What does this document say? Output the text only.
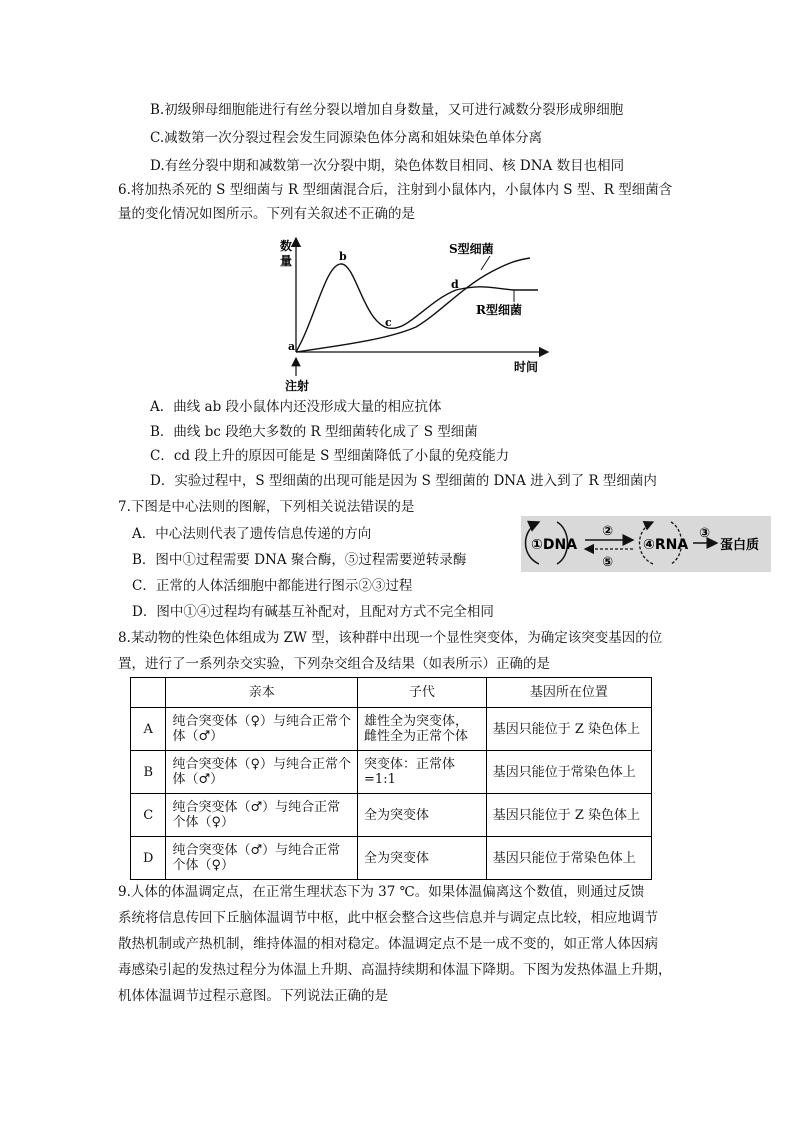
B.初级卵母细胞能进行有丝分裂以增加自身数量，又可进行减数分裂形成卵细胞
C.减数第一次分裂过程会发生同源染色体分离和姐妹染色单体分离
D.有丝分裂中期和减数第一次分裂中期，染色体数目相同、核 DNA 数目也相同
6.将加热杀死的 S 型细菌与 R 型细菌混合后，注射到小鼠体内，小鼠体内 S 型、R 型细菌含
量的变化情况如图所示。下列有关叙述不正确的是
数量
时间
注射
S型细菌
R型细菌
a
b
c
d
A．曲线 ab 段小鼠体内还没形成大量的相应抗体
B．曲线 bc 段绝大多数的 R 型细菌转化成了 S 型细菌
C．cd 段上升的原因可能是 S 型细菌降低了小鼠的免疫能力
D．实验过程中，S 型细菌的出现可能是因为 S 型细菌的 DNA 进入到了 R 型细菌内
7.下图是中心法则的图解，下列相关说法错误的是
A．中心法则代表了遗传信息传递的方向
B．图中①过程需要 DNA 聚合酶，⑤过程需要逆转录酶
C．正常的人体活细胞中都能进行图示②③过程
D．图中①④过程均有碱基互补配对，且配对方式不完全相同
①DNA
②
⑤
④RNA
③
蛋白质
8.某动物的性染色体组成为 ZW 型，该种群中出现一个显性突变体，为确定该突变基因的位
置，进行了一系列杂交实验，下列杂交组合及结果（如表所示）正确的是
	亲本	子代	基因所在位置
A	纯合突变体（♀）与纯合正常个体（♂）	雄性全为突变体，雌性全为正常个体	基因只能位于 Z 染色体上
B	纯合突变体（♀）与纯合正常个体（♂）	突变体：正常体=1:1	基因只能位于常染色体上
C	纯合突变体（♂）与纯合正常个体（♀）	全为突变体	基因只能位于 Z 染色体上
D	纯合突变体（♂）与纯合正常个体（♀）	全为突变体	基因只能位于常染色体上
9.人体的体温调定点，在正常生理状态下为 37 ℃。如果体温偏离这个数值，则通过反馈
系统将信息传回下丘脑体温调节中枢，此中枢会整合这些信息并与调定点比较，相应地调节
散热机制或产热机制，维持体温的相对稳定。体温调定点不是一成不变的，如正常人体因病
毒感染引起的发热过程分为体温上升期、高温持续期和体温下降期。下图为发热体温上升期，
机体体温调节过程示意图。下列说法正确的是
